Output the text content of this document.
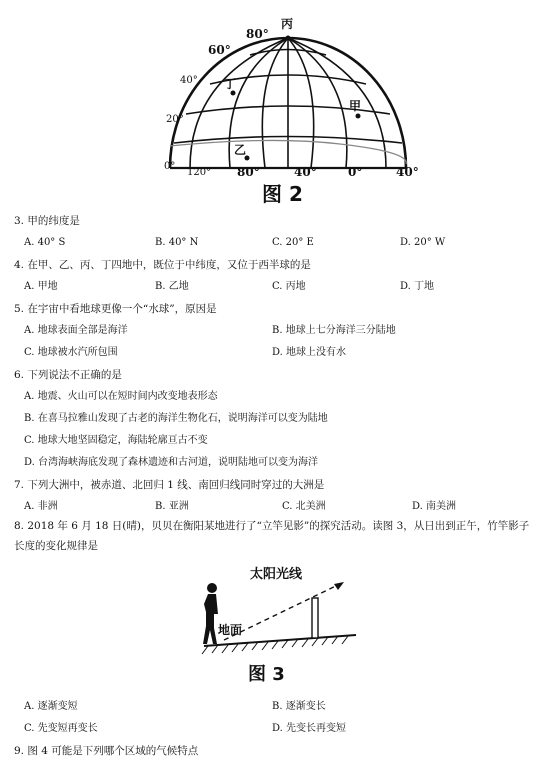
丙
80°
60°
40°
20°
0°
丁
甲
乙
120° 80°	40°	0°	40°
图 2
3. 甲的纬度是
A. 40° S	B. 40° N	C. 20° E	D. 20° W
4. 在甲、乙、丙、丁四地中，既位于中纬度，又位于西半球的是
A. 甲地	B. 乙地	C. 丙地	D. 丁地
5. 在宇宙中看地球更像一个“水球”，原因是
A. 地球表面全部是海洋	B. 地球上七分海洋三分陆地
C. 地球被水汽所包围	D. 地球上没有水
6. 下列说法不正确的是
A. 地震、火山可以在短时间内改变地表形态
B. 在喜马拉雅山发现了古老的海洋生物化石，说明海洋可以变为陆地
C. 地球大地坚固稳定，海陆轮廓亘古不变
D. 台湾海峡海底发现了森林遗迹和古河道，说明陆地可以变为海洋
7. 下列大洲中，被赤道、北回归 1 线、南回归线同时穿过的大洲是
A. 非洲	B. 亚洲	C. 北美洲	D. 南美洲
8. 2018 年 6 月 18 日(晴)，贝贝在衡阳某地进行了“立竿见影”的探究活动。读图 3，从日出到正午，竹竿影子长度的变化规律是
太阳光线
地面
图 3
A. 逐渐变短	B. 逐渐变长
C. 先变短再变长	D. 先变长再变短
9. 图 4 可能是下列哪个区域的气候特点
